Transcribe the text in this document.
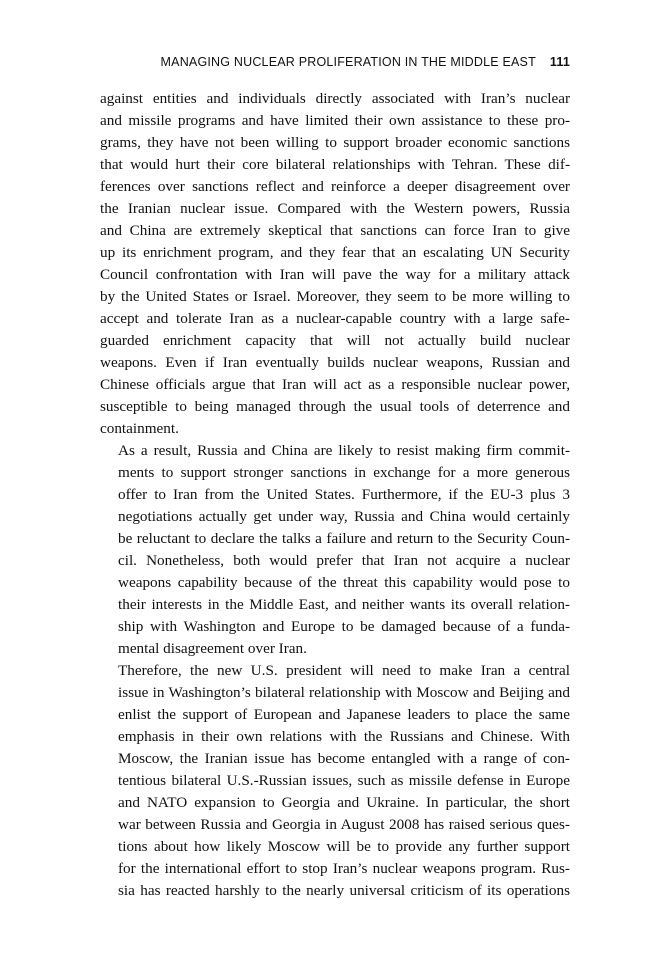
MANAGING NUCLEAR PROLIFERATION IN THE MIDDLE EAST 111
against entities and individuals directly associated with Iran’s nuclear
and missile programs and have limited their own assistance to these pro-
grams, they have not been willing to support broader economic sanctions
that would hurt their core bilateral relationships with Tehran. These dif-
ferences over sanctions reflect and reinforce a deeper disagreement over
the Iranian nuclear issue. Compared with the Western powers, Russia
and China are extremely skeptical that sanctions can force Iran to give
up its enrichment program, and they fear that an escalating UN Security
Council confrontation with Iran will pave the way for a military attack
by the United States or Israel. Moreover, they seem to be more willing to
accept and tolerate Iran as a nuclear-capable country with a large safe-
guarded enrichment capacity that will not actually build nuclear
weapons. Even if Iran eventually builds nuclear weapons, Russian and
Chinese officials argue that Iran will act as a responsible nuclear power,
susceptible to being managed through the usual tools of deterrence and
containment.
As a result, Russia and China are likely to resist making firm commit-
ments to support stronger sanctions in exchange for a more generous
offer to Iran from the United States. Furthermore, if the EU-3 plus 3
negotiations actually get under way, Russia and China would certainly
be reluctant to declare the talks a failure and return to the Security Coun-
cil. Nonetheless, both would prefer that Iran not acquire a nuclear
weapons capability because of the threat this capability would pose to
their interests in the Middle East, and neither wants its overall relation-
ship with Washington and Europe to be damaged because of a funda-
mental disagreement over Iran.
Therefore, the new U.S. president will need to make Iran a central
issue in Washington’s bilateral relationship with Moscow and Beijing and
enlist the support of European and Japanese leaders to place the same
emphasis in their own relations with the Russians and Chinese. With
Moscow, the Iranian issue has become entangled with a range of con-
tentious bilateral U.S.-Russian issues, such as missile defense in Europe
and NATO expansion to Georgia and Ukraine. In particular, the short
war between Russia and Georgia in August 2008 has raised serious ques-
tions about how likely Moscow will be to provide any further support
for the international effort to stop Iran’s nuclear weapons program. Rus-
sia has reacted harshly to the nearly universal criticism of its operations
